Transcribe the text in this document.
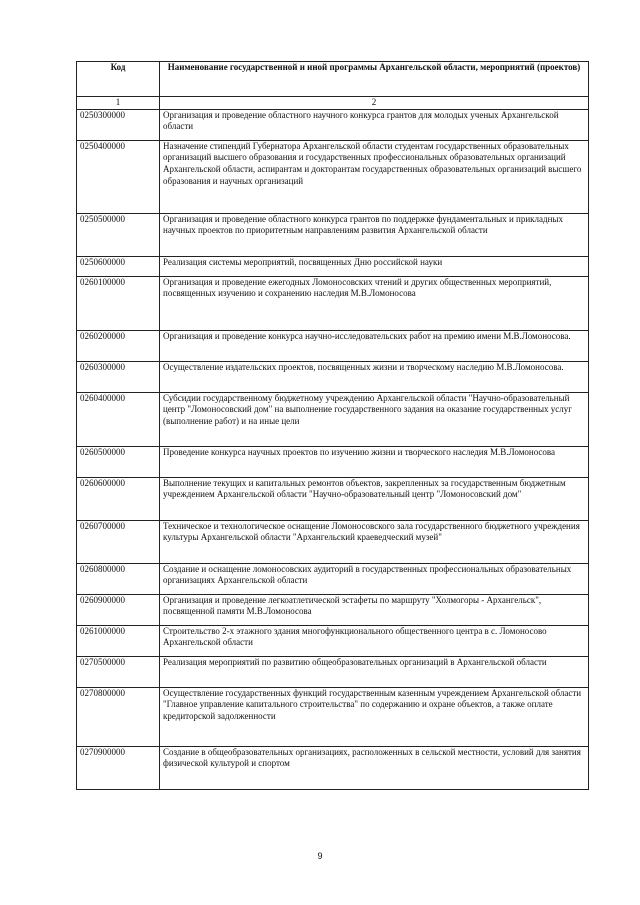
Код	Наименование государственной и иной программы Архангельской области, мероприятий (проектов)
1	2
0250300000	Организация и проведение областного научного конкурса грантов для молодых ученых Архангельской области
0250400000	Назначение стипендий Губернатора Архангельской области студентам государственных образовательных организаций высшего образования и государственных профессиональных образовательных организаций Архангельской области, аспирантам и докторантам государственных образовательных организаций высшего образования и научных организаций
0250500000	Организация и проведение областного конкурса грантов по поддержке фундаментальных и прикладных научных проектов по приоритетным направлениям развития Архангельской области
0250600000	Реализация системы мероприятий, посвященных Дню российской науки
0260100000	Организация и проведение ежегодных Ломоносовских чтений и других общественных мероприятий, посвященных изучению и сохранению наследия М.В.Ломоносова
0260200000	Организация и проведение конкурса научно-исследовательских работ на премию имени М.В.Ломоносова.
0260300000	Осуществление издательских проектов, посвященных жизни и творческому наследию М.В.Ломоносова.
0260400000	Субсидии государственному бюджетному учреждению Архангельской области "Научно-образовательный центр "Ломоносовский дом" на выполнение государственного задания на оказание государственных услуг (выполнение работ) и на иные цели
0260500000	Проведение конкурса научных проектов по изучению жизни и творческого наследия М.В.Ломоносова
0260600000	Выполнение текущих и капитальных ремонтов объектов, закрепленных за государственным бюджетным учреждением Архангельской области "Научно-образовательный центр "Ломоносовский дом"
0260700000	Техническое и технологическое оснащение Ломоносовского зала государственного бюджетного учреждения культуры Архангельской области "Архангельский краеведческий музей"
0260800000	Создание и оснащение ломоносовских аудиторий в государственных профессиональных образовательных организациях Архангельской области
0260900000	Организация и проведение легкоатлетической эстафеты по маршруту "Холмогоры - Архангельск", посвященной памяти М.В.Ломоносова
0261000000	Строительство 2-х этажного здания многофункционального общественного центра в с. Ломоносово Архангельской области
0270500000	Реализация мероприятий по развитию общеобразовательных организаций в Архангельской области
0270800000	Осуществление государственных функций государственным казенным учреждением Архангельской области "Главное управление капитального строительства" по содержанию и охране объектов, а также оплате кредиторской задолженности
0270900000	Создание в общеобразовательных организациях, расположенных в сельской местности, условий для занятия физической культурой и спортом
9
